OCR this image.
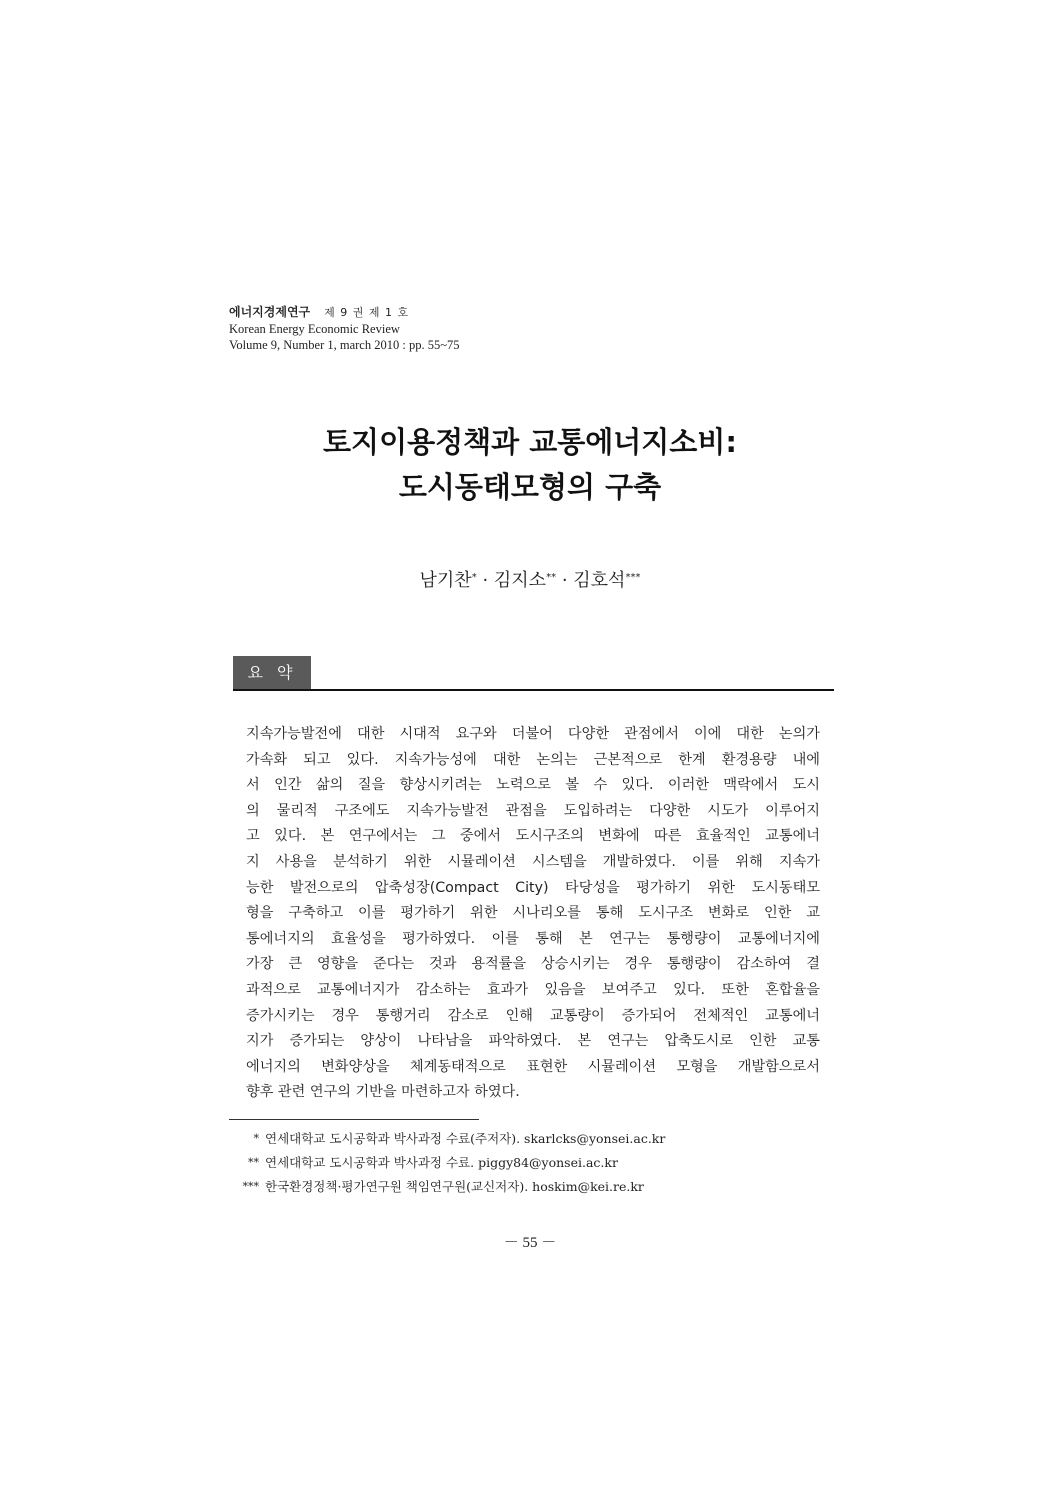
에너지경제연구 제 9 권 제 1 호
Korean Energy Economic Review
Volume 9, Number 1, march 2010 : pp. 55~75
토지이용정책과 교통에너지소비:
도시동태모형의 구축
남기찬* · 김지소** · 김호석***
요약

지속가능발전에 대한 시대적 요구와 더불어 다양한 관점에서 이에 대한 논의가

가속화 되고 있다. 지속가능성에 대한 논의는 근본적으로 한계 환경용량 내에

서 인간 삶의 질을 향상시키려는 노력으로 볼 수 있다. 이러한 맥락에서 도시

의 물리적 구조에도 지속가능발전 관점을 도입하려는 다양한 시도가 이루어지

고 있다. 본 연구에서는 그 중에서 도시구조의 변화에 따른 효율적인 교통에너

지 사용을 분석하기 위한 시뮬레이션 시스템을 개발하였다. 이를 위해 지속가

능한 발전으로의 압축성장(Compact City) 타당성을 평가하기 위한 도시동태모

형을 구축하고 이를 평가하기 위한 시나리오를 통해 도시구조 변화로 인한 교

통에너지의 효율성을 평가하였다. 이를 통해 본 연구는 통행량이 교통에너지에

가장 큰 영향을 준다는 것과 용적률을 상승시키는 경우 통행량이 감소하여 결

과적으로 교통에너지가 감소하는 효과가 있음을 보여주고 있다. 또한 혼합율을

증가시키는 경우 통행거리 감소로 인해 교통량이 증가되어 전체적인 교통에너

지가 증가되는 양상이 나타남을 파악하였다. 본 연구는 압축도시로 인한 교통

에너지의 변화양상을 체계동태적으로 표현한 시뮬레이션 모형을 개발함으로서

향후 관련 연구의 기반을 마련하고자 하였다.

* 연세대학교 도시공학과 박사과정 수료(주저자). skarlcks@yonsei.ac.kr
** 연세대학교 도시공학과 박사과정 수료. piggy84@yonsei.ac.kr
*** 한국환경정책·평가연구원 책임연구원(교신저자). hoskim@kei.re.kr
－ 55 －
